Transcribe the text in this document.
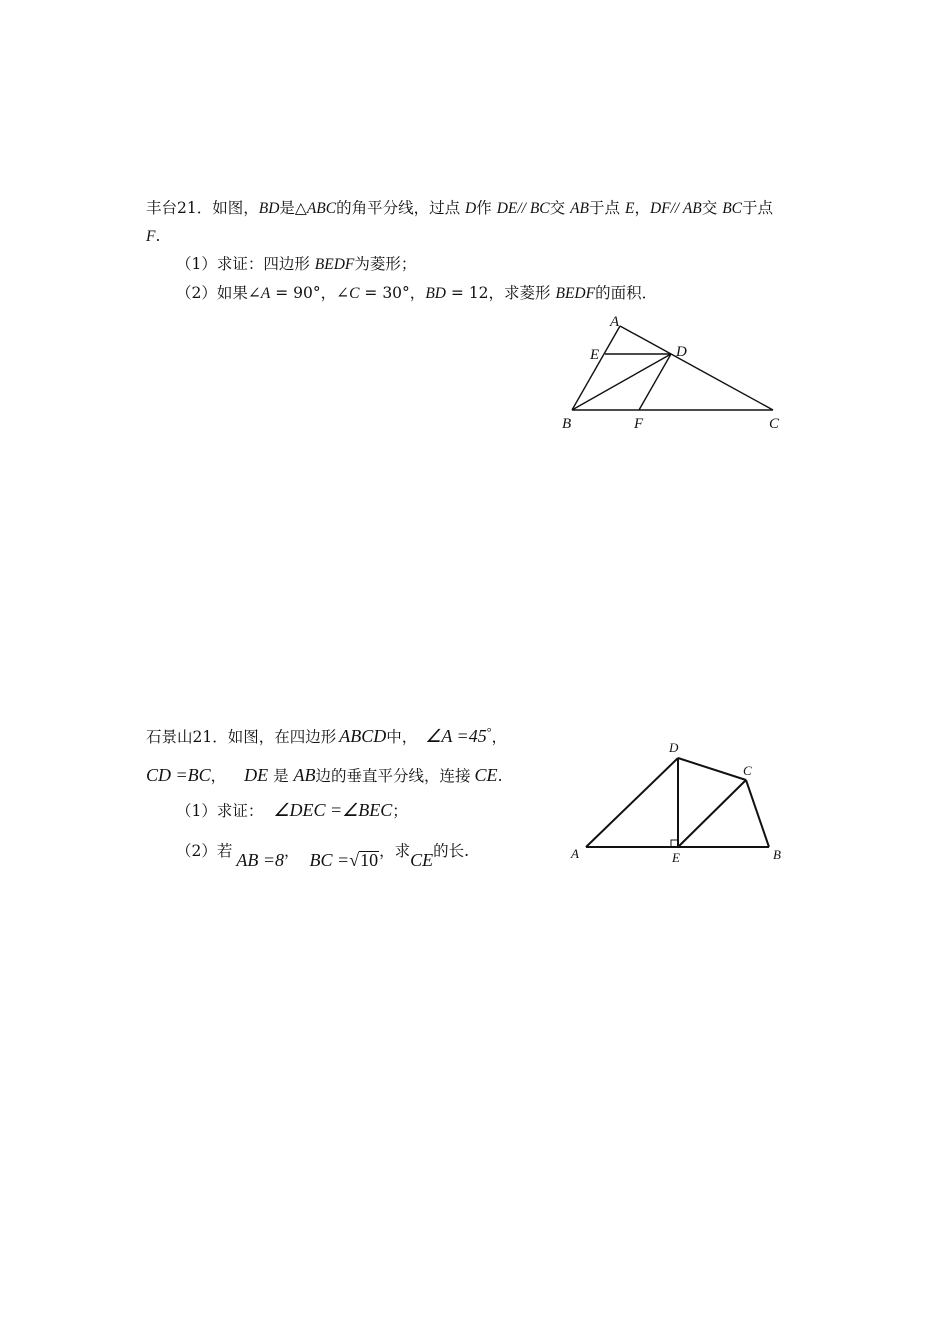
丰台21．如图，BD是△ABC的角平分线，过点 D作 DE// BC交 AB于点 E，DF// AB交 BC于点
F.
（1）求证：四边形 BEDF为菱形；
（2）如果∠A = 90°，∠C = 30°，BD = 12，求菱形 BEDF的面积．
A
E	D
B	F	C
石景山21．如图，在四边形 ABCD中， ∠A =45°，
CD =BC， DE 是 AB边的垂直平分线，连接 CE.
（1）求证： ∠DEC =∠BEC；
（2）若 AB =8， BC =√10，求CE的长.
D
C
A	E	B
